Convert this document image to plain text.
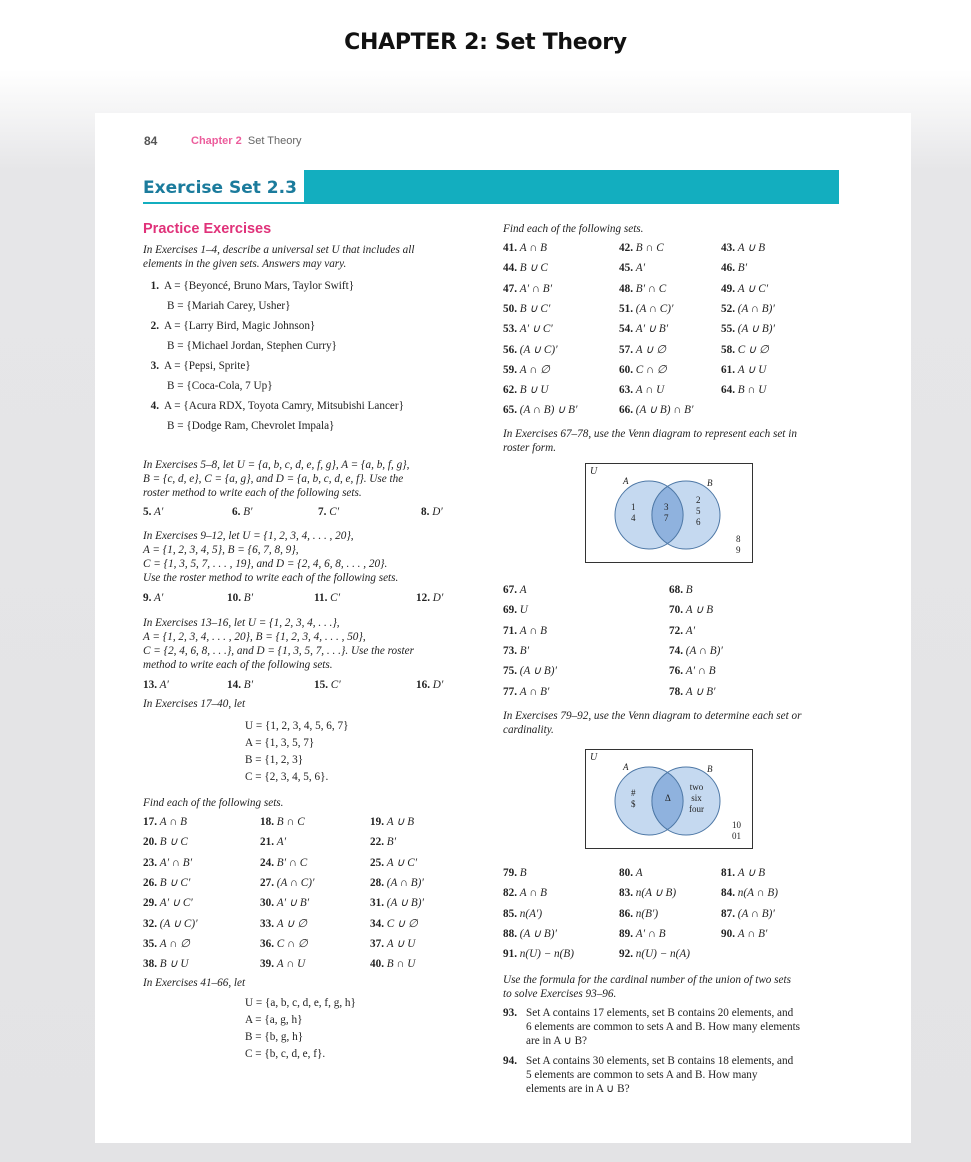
CHAPTER 2: Set Theory
84	Chapter 2 Set Theory
Exercise Set 2.3
Practice Exercises
In Exercises 1–4, describe a universal set U that includes all
elements in the given sets. Answers may vary.
1. A = {Beyoncé, Bruno Mars, Taylor Swift}
B = {Mariah Carey, Usher}
2. A = {Larry Bird, Magic Johnson}
B = {Michael Jordan, Stephen Curry}
3. A = {Pepsi, Sprite}
B = {Coca-Cola, 7 Up}
4. A = {Acura RDX, Toyota Camry, Mitsubishi Lancer}
B = {Dodge Ram, Chevrolet Impala}
In Exercises 5–8, let U = {a, b, c, d, e, f, g}, A = {a, b, f, g},
B = {c, d, e}, C = {a, g}, and D = {a, b, c, d, e, f}. Use the
roster method to write each of the following sets.
5. A′	6. B′	7. C′	8. D′
In Exercises 9–12, let U = {1, 2, 3, 4, . . . , 20},
A = {1, 2, 3, 4, 5}, B = {6, 7, 8, 9},
C = {1, 3, 5, 7, . . . , 19}, and D = {2, 4, 6, 8, . . . , 20}.
Use the roster method to write each of the following sets.
9. A′	10. B′	11. C′	12. D′
In Exercises 13–16, let U = {1, 2, 3, 4, . . .},
A = {1, 2, 3, 4, . . . , 20}, B = {1, 2, 3, 4, . . . , 50},
C = {2, 4, 6, 8, . . .}, and D = {1, 3, 5, 7, . . .}. Use the roster
method to write each of the following sets.
13. A′	14. B′	15. C′	16. D′
In Exercises 17–40, let
U = {1, 2, 3, 4, 5, 6, 7}
A = {1, 3, 5, 7}
B = {1, 2, 3}
C = {2, 3, 4, 5, 6}.
Find each of the following sets.
17. A ∩ B	18. B ∩ C	19. A ∪ B
20. B ∪ C	21. A′	22. B′
23. A′ ∩ B′	24. B′ ∩ C	25. A ∪ C′
26. B ∪ C′	27. (A ∩ C)′	28. (A ∩ B)′
29. A′ ∪ C′	30. A′ ∪ B′	31. (A ∪ B)′
32. (A ∪ C)′	33. A ∪ ∅	34. C ∪ ∅
35. A ∩ ∅	36. C ∩ ∅	37. A ∪ U
38. B ∪ U	39. A ∩ U	40. B ∩ U
In Exercises 41–66, let
U = {a, b, c, d, e, f, g, h}
A = {a, g, h}
B = {b, g, h}
C = {b, c, d, e, f}.
Find each of the following sets.
41. A ∩ B	42. B ∩ C	43. A ∪ B
44. B ∪ C	45. A′	46. B′
47. A′ ∩ B′	48. B′ ∩ C	49. A ∪ C′
50. B ∪ C′	51. (A ∩ C)′	52. (A ∩ B)′
53. A′ ∪ C′	54. A′ ∪ B′	55. (A ∪ B)′
56. (A ∪ C)′	57. A ∪ ∅	58. C ∪ ∅
59. A ∩ ∅	60. C ∩ ∅	61. A ∪ U
62. B ∪ U	63. A ∩ U	64. B ∩ U
65. (A ∩ B) ∪ B′	66. (A ∪ B) ∩ B′
In Exercises 67–78, use the Venn diagram to represent each set in
roster form.
U
A	B
1
4
3
7
2
5
6
8
9
67. A	68. B
69. U	70. A ∪ B
71. A ∩ B	72. A′
73. B′	74. (A ∩ B)′
75. (A ∪ B)′	76. A′ ∩ B
77. A ∩ B′	78. A ∪ B′
In Exercises 79–92, use the Venn diagram to determine each set or
cardinality.
U
A	B
#
$
Δ
two
six
four
10
01
79. B	80. A	81. A ∪ B
82. A ∩ B	83. n(A ∪ B)	84. n(A ∩ B)
85. n(A′)	86. n(B′)	87. (A ∩ B)′
88. (A ∪ B)′	89. A′ ∩ B	90. A ∩ B′
91. n(U) − n(B)	92. n(U) − n(A)
Use the formula for the cardinal number of the union of two sets
to solve Exercises 93–96.
93. Set A contains 17 elements, set B contains 20 elements, and
6 elements are common to sets A and B. How many elements
are in A ∪ B?
94. Set A contains 30 elements, set B contains 18 elements, and
5 elements are common to sets A and B. How many
elements are in A ∪ B?
